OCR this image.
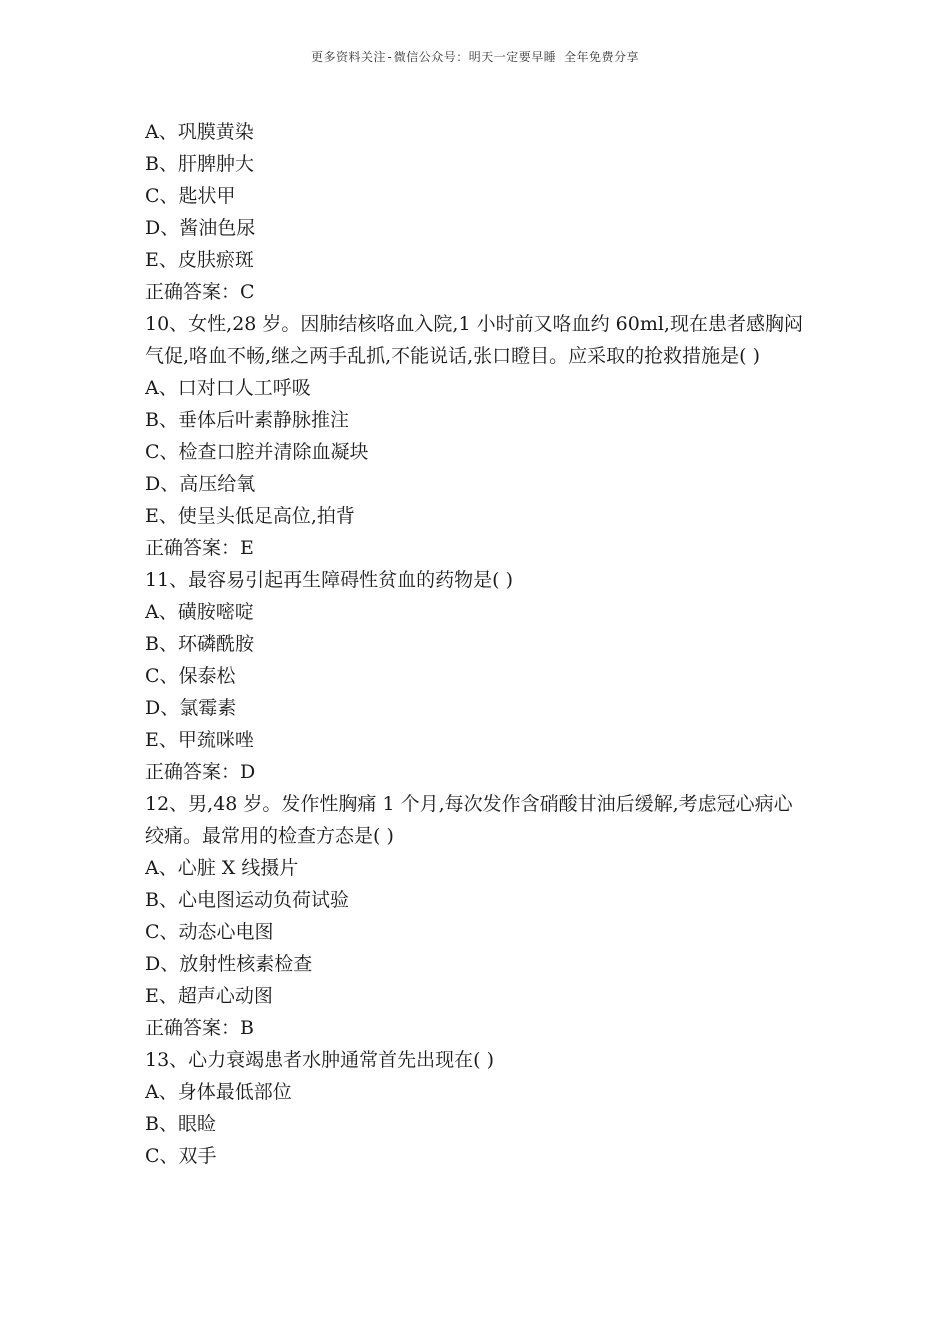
更多资料关注-微信公众号：明天一定要早睡 全年免费分享
A、巩膜黄染
B、肝脾肿大
C、匙状甲
D、酱油色尿
E、皮肤瘀斑
正确答案：C
10、女性,28 岁。因肺结核咯血入院,1 小时前又咯血约 60ml,现在患者感胸闷气促,咯血不畅,继之两手乱抓,不能说话,张口瞪目。应采取的抢救措施是( )
A、口对口人工呼吸
B、垂体后叶素静脉推注
C、检查口腔并清除血凝块
D、高压给氧
E、使呈头低足高位,拍背
正确答案：E
11、最容易引起再生障碍性贫血的药物是( )
A、磺胺嘧啶
B、环磷酰胺
C、保泰松
D、氯霉素
E、甲巯咪唑
正确答案：D
12、男,48 岁。发作性胸痛 1 个月,每次发作含硝酸甘油后缓解,考虑冠心病心绞痛。最常用的检查方态是( )
A、心脏 X 线摄片
B、心电图运动负荷试验
C、动态心电图
D、放射性核素检查
E、超声心动图
正确答案：B
13、心力衰竭患者水肿通常首先出现在( )
A、身体最低部位
B、眼睑
C、双手
